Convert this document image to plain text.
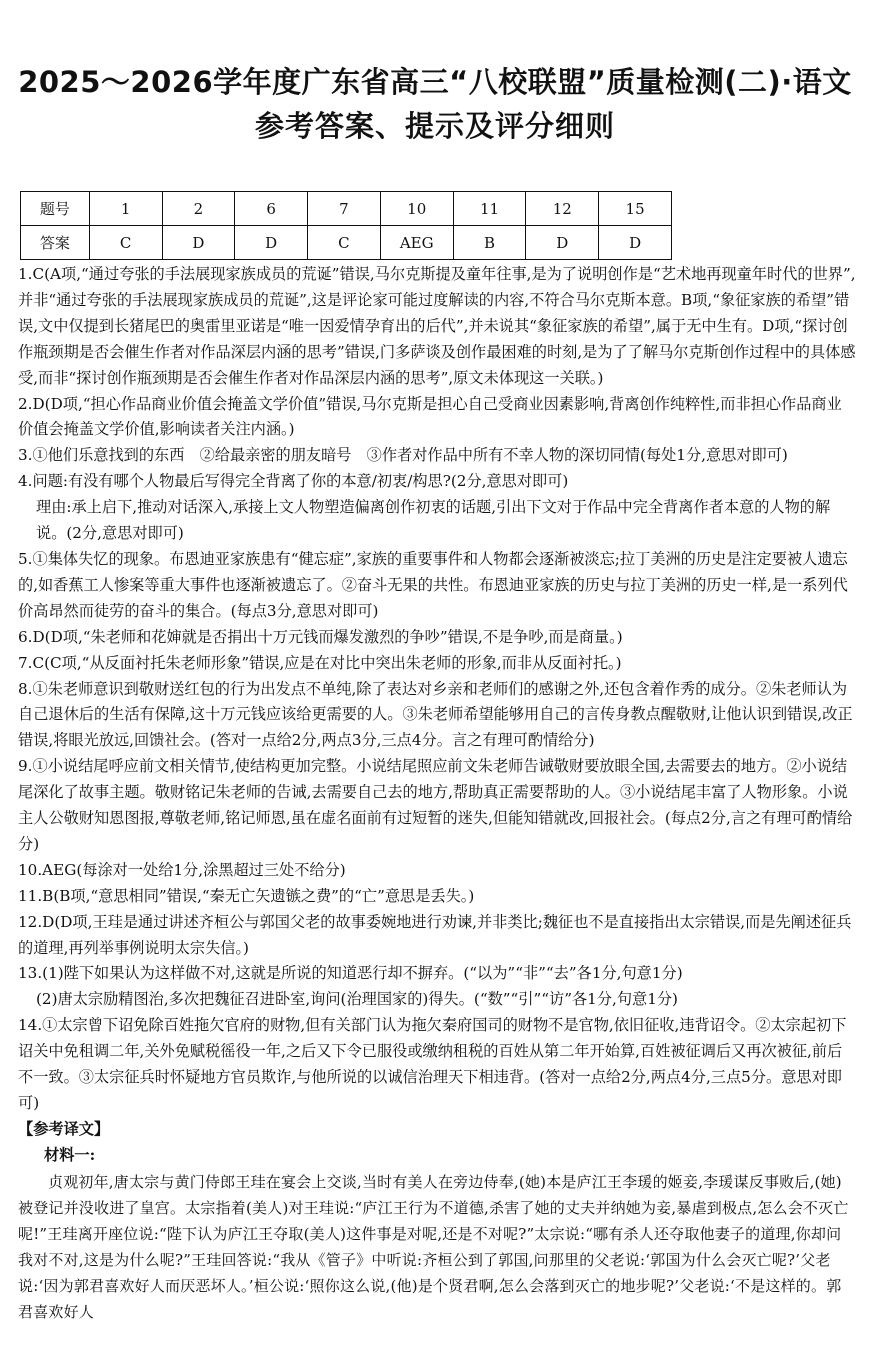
2025～2026学年度广东省高三“八校联盟”质量检测(二)·语文
参考答案、提示及评分细则
题号	1	2	6	7	10	11	12	15
答案	C	D	D	C	AEG	B	D	D
1.C(A项,“通过夸张的手法展现家族成员的荒诞”错误,马尔克斯提及童年往事,是为了说明创作是“艺术地再现童年时代的世界”,并非“通过夸张的手法展现家族成员的荒诞”,这是评论家可能过度解读的内容,不符合马尔克斯本意。B项,“象征家族的希望”错误,文中仅提到长猪尾巴的奥雷里亚诺是“唯一因爱情孕育出的后代”,并未说其“象征家族的希望”,属于无中生有。D项,“探讨创作瓶颈期是否会催生作者对作品深层内涵的思考”错误,门多萨谈及创作最困难的时刻,是为了了解马尔克斯创作过程中的具体感受,而非“探讨创作瓶颈期是否会催生作者对作品深层内涵的思考”,原文未体现这一关联。)
2.D(D项,“担心作品商业价值会掩盖文学价值”错误,马尔克斯是担心自己受商业因素影响,背离创作纯粹性,而非担心作品商业价值会掩盖文学价值,影响读者关注内涵。)
3.①他们乐意找到的东西　②给最亲密的朋友暗号　③作者对作品中所有不幸人物的深切同情(每处1分,意思对即可)
4.问题:有没有哪个人物最后写得完全背离了你的本意/初衷/构思?(2分,意思对即可)
理由:承上启下,推动对话深入,承接上文人物塑造偏离创作初衷的话题,引出下文对于作品中完全背离作者本意的人物的解说。(2分,意思对即可)
5.①集体失忆的现象。布恩迪亚家族患有“健忘症”,家族的重要事件和人物都会逐渐被淡忘;拉丁美洲的历史是注定要被人遗忘的,如香蕉工人惨案等重大事件也逐渐被遗忘了。②奋斗无果的共性。布恩迪亚家族的历史与拉丁美洲的历史一样,是一系列代价高昂然而徒劳的奋斗的集合。(每点3分,意思对即可)
6.D(D项,“朱老师和花婶就是否捐出十万元钱而爆发激烈的争吵”错误,不是争吵,而是商量。)
7.C(C项,“从反面衬托朱老师形象”错误,应是在对比中突出朱老师的形象,而非从反面衬托。)
8.①朱老师意识到敬财送红包的行为出发点不单纯,除了表达对乡亲和老师们的感谢之外,还包含着作秀的成分。②朱老师认为自己退休后的生活有保障,这十万元钱应该给更需要的人。③朱老师希望能够用自己的言传身教点醒敬财,让他认识到错误,改正错误,将眼光放远,回馈社会。(答对一点给2分,两点3分,三点4分。言之有理可酌情给分)
9.①小说结尾呼应前文相关情节,使结构更加完整。小说结尾照应前文朱老师告诫敬财要放眼全国,去需要去的地方。②小说结尾深化了故事主题。敬财铭记朱老师的告诫,去需要自己去的地方,帮助真正需要帮助的人。③小说结尾丰富了人物形象。小说主人公敬财知恩图报,尊敬老师,铭记师恩,虽在虚名面前有过短暂的迷失,但能知错就改,回报社会。(每点2分,言之有理可酌情给分)
10.AEG(每涂对一处给1分,涂黑超过三处不给分)
11.B(B项,“意思相同”错误,“秦无亡矢遗镞之费”的“亡”意思是丢失。)
12.D(D项,王珪是通过讲述齐桓公与郭国父老的故事委婉地进行劝谏,并非类比;魏征也不是直接指出太宗错误,而是先阐述征兵的道理,再列举事例说明太宗失信。)
13.(1)陛下如果认为这样做不对,这就是所说的知道恶行却不摒弃。(“以为”“非”“去”各1分,句意1分)
(2)唐太宗励精图治,多次把魏征召进卧室,询问(治理国家的)得失。(“数”“引”“访”各1分,句意1分)
14.①太宗曾下诏免除百姓拖欠官府的财物,但有关部门认为拖欠秦府国司的财物不是官物,依旧征收,违背诏令。②太宗起初下诏关中免租调二年,关外免赋税徭役一年,之后又下令已服役或缴纳租税的百姓从第二年开始算,百姓被征调后又再次被征,前后不一致。③太宗征兵时怀疑地方官员欺诈,与他所说的以诚信治理天下相违背。(答对一点给2分,两点4分,三点5分。意思对即可)
【参考译文】
材料一:
贞观初年,唐太宗与黄门侍郎王珪在宴会上交谈,当时有美人在旁边侍奉,(她)本是庐江王李瑗的姬妾,李瑗谋反事败后,(她)被登记并没收进了皇宫。太宗指着(美人)对王珪说:“庐江王行为不道德,杀害了她的丈夫并纳她为妾,暴虐到极点,怎么会不灭亡呢!”王珪离开座位说:“陛下认为庐江王夺取(美人)这件事是对呢,还是不对呢?”太宗说:“哪有杀人还夺取他妻子的道理,你却问我对不对,这是为什么呢?”王珪回答说:“我从《管子》中听说:齐桓公到了郭国,问那里的父老说:‘郭国为什么会灭亡呢?’父老说:‘因为郭君喜欢好人而厌恶坏人。’桓公说:‘照你这么说,(他)是个贤君啊,怎么会落到灭亡的地步呢?’父老说:‘不是这样的。郭君喜欢好人
